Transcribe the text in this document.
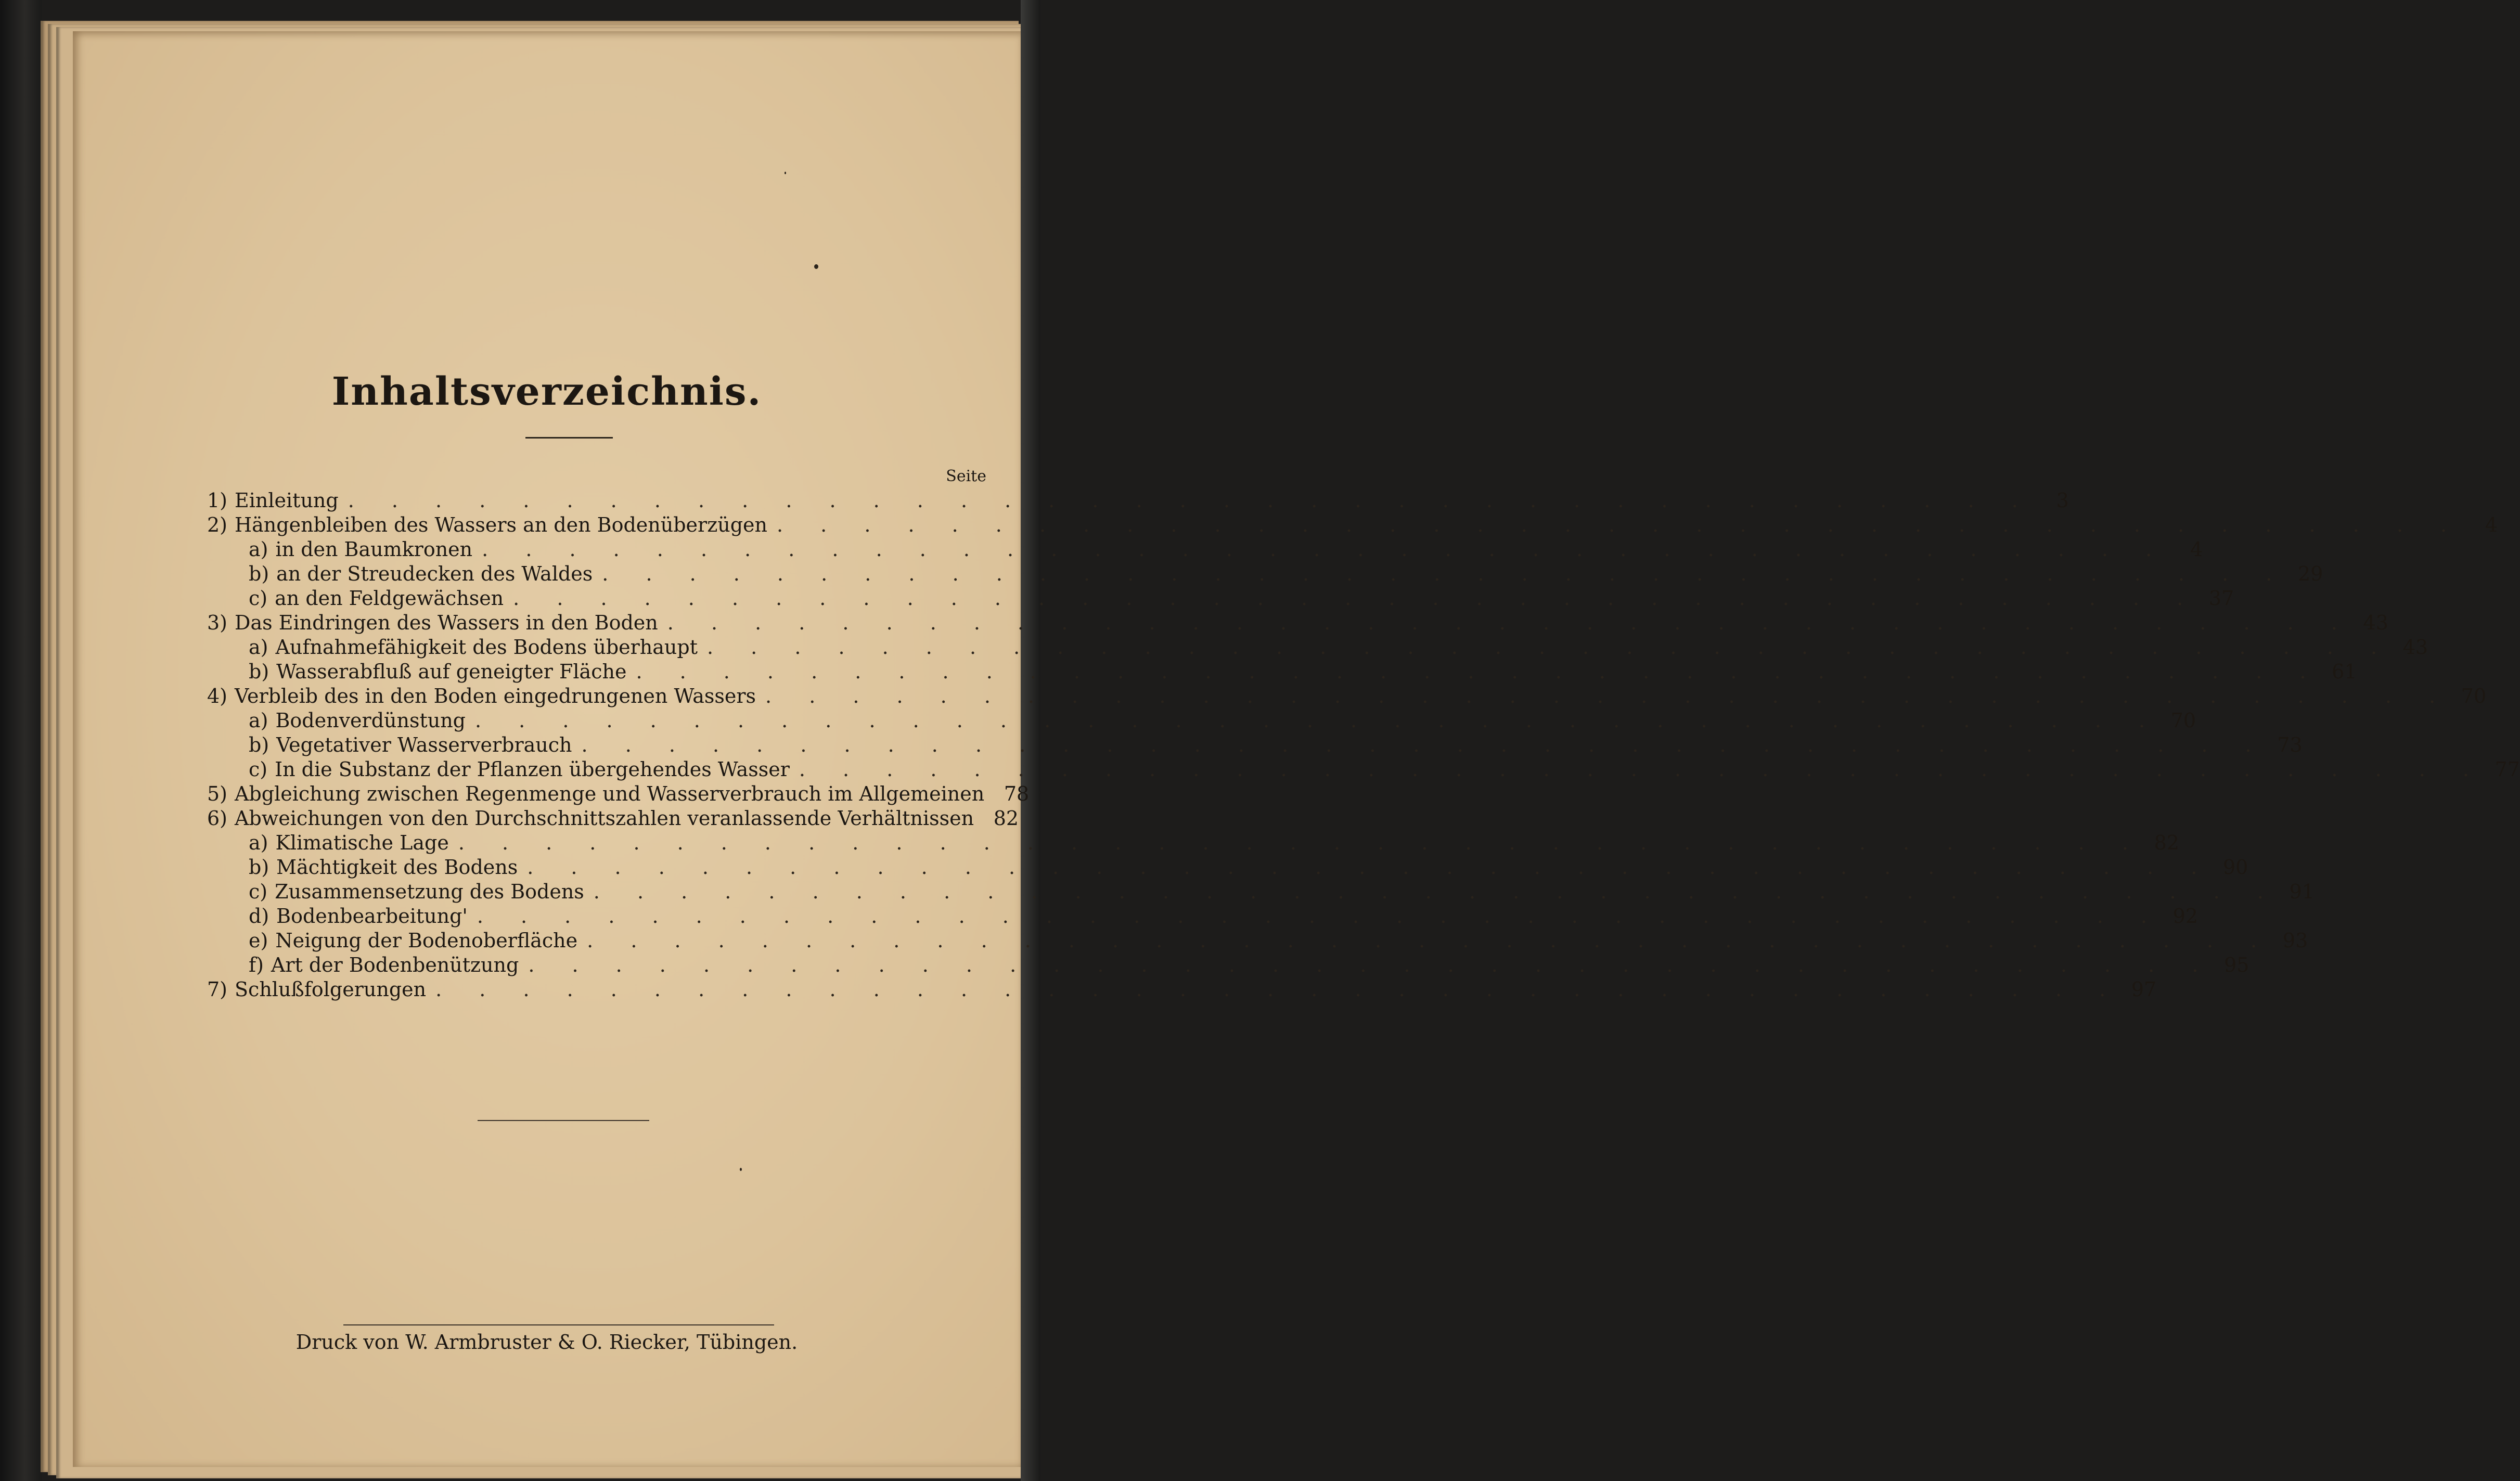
Inhaltsverzeichnis.
Seite
1) Einleitung . . . . . . . . . . . . . . . . . . . . . . . . . . . . . . . . . . . . . . .	3
2) Hängenbleiben des Wassers an den Bodenüberzügen . . . . . . . . . . . . . . . . . . . . . . . . . . . . . . . . . . . . . . .	4
a) in den Baumkronen . . . . . . . . . . . . . . . . . . . . . . . . . . . . . . . . . . . . . . .	4
b) an der Streudecken des Waldes . . . . . . . . . . . . . . . . . . . . . . . . . . . . . . . . . . . . . . . 29
c) an den Feldgewächsen . . . . . . . . . . . . . . . . . . . . . . . . . . . . . . . . . . . . . . . 37
3) Das Eindringen des Wassers in den Boden . . . . . . . . . . . . . . . . . . . . . . . . . . . . . . . . . . . . . . . 43
a) Aufnahmefähigkeit des Bodens überhaupt . . . . . . . . . . . . . . . . . . . . . . . . . . . . . . . . . . . . . . . 43
b) Wasserabfluß auf geneigter Fläche . . . . . . . . . . . . . . . . . . . . . . . . . . . . . . . . . . . . . . . 61
4) Verbleib des in den Boden eingedrungenen Wassers . . . . . . . . . . . . . . . . . . . . . . . . . . . . . . . . . . . . . . . 70
a) Bodenverdünstung . . . . . . . . . . . . . . . . . . . . . . . . . . . . . . . . . . . . . . . 70
b) Vegetativer Wasserverbrauch . . . . . . . . . . . . . . . . . . . . . . . . . . . . . . . . . . . . . . . 73
c) In die Substanz der Pflanzen übergehendes Wasser . . . . . . . . . . . . . . . . . . . . . . . . . . . . . . . . . . . . . . . 77
5) Abgleichung zwischen Regenmenge und Wasserverbrauch im Allgemeinen 78
6) Abweichungen von den Durchschnittszahlen veranlassende Verhältnissen 82
a) Klimatische Lage . . . . . . . . . . . . . . . . . . . . . . . . . . . . . . . . . . . . . . . 82
b) Mächtigkeit des Bodens . . . . . . . . . . . . . . . . . . . . . . . . . . . . . . . . . . . . . . . 90
c) Zusammensetzung des Bodens . . . . . . . . . . . . . . . . . . . . . . . . . . . . . . . . . . . . . . . 91
d) Bodenbearbeitung' . . . . . . . . . . . . . . . . . . . . . . . . . . . . . . . . . . . . . . . 92
e) Neigung der Bodenoberfläche . . . . . . . . . . . . . . . . . . . . . . . . . . . . . . . . . . . . . . . 93
f) Art der Bodenbenützung . . . . . . . . . . . . . . . . . . . . . . . . . . . . . . . . . . . . . . . 95
7) Schlußfolgerungen . . . . . . . . . . . . . . . . . . . . . . . . . . . . . . . . . . . . . . . 97
Druck von W. Armbruster & O. Riecker, Tübingen.
